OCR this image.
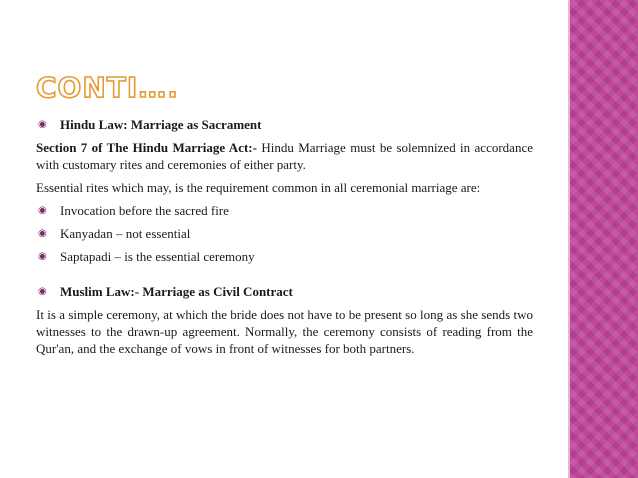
CONTI….
◉	Hindu Law: Marriage as Sacrament

Section 7 of The Hindu Marriage Act:- Hindu Marriage must be solemnized in accordance with customary rites and ceremonies of either party.

Essential rites which may, is the requirement common in all ceremonial marriage are:

◉	Invocation before the sacred fire
◉	Kanyadan – not essential
◉	Saptapadi – is the essential ceremony
◉	Muslim Law:- Marriage as Civil Contract

It is a simple ceremony, at which the bride does not have to be present so long as she sends two witnesses to the drawn-up agreement. Normally, the ceremony consists of reading from the Qur'an, and the exchange of vows in front of witnesses for both partners.
